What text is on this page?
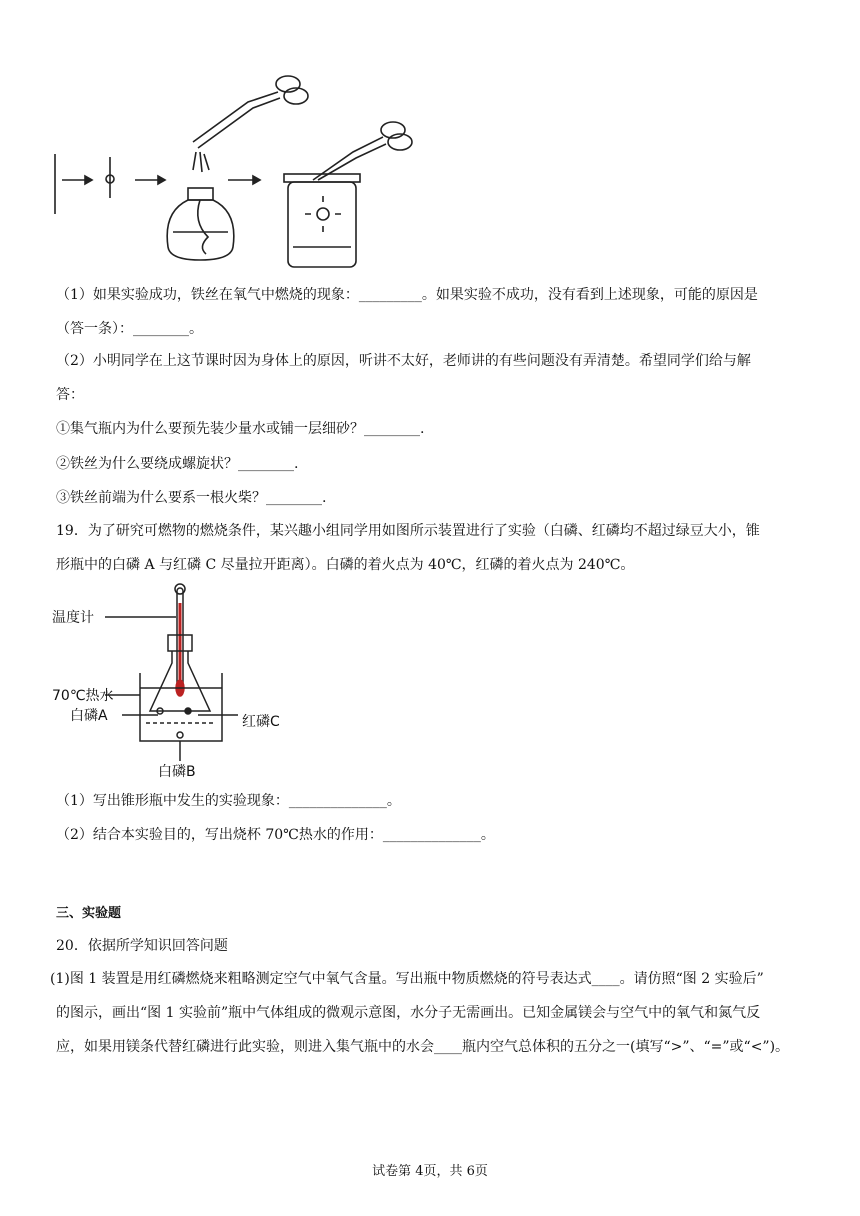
（1）如果实验成功，铁丝在氧气中燃烧的现象：_________。如果实验不成功，没有看到上述现象，可能的原因是
（答一条）：________。
（2）小明同学在上这节课时因为身体上的原因，听讲不太好，老师讲的有些问题没有弄清楚。希望同学们给与解
答：
①集气瓶内为什么要预先装少量水或铺一层细砂？________.
②铁丝为什么要绕成螺旋状？________.
③铁丝前端为什么要系一根火柴？________.
19．为了研究可燃物的燃烧条件，某兴趣小组同学用如图所示装置进行了实验（白磷、红磷均不超过绿豆大小，锥
形瓶中的白磷 A 与红磷 C 尽量拉开距离）。白磷的着火点为 40℃，红磷的着火点为 240℃。
温度计
70℃热水
白磷A	红磷C
白磷B
（1）写出锥形瓶中发生的实验现象：______________。
（2）结合本实验目的，写出烧杯 70℃热水的作用：______________。
三、实验题
20．依据所学知识回答问题
(1)图 1 装置是用红磷燃烧来粗略测定空气中氧气含量。写出瓶中物质燃烧的符号表达式____。请仿照“图 2 实验后”
的图示，画出“图 1 实验前”瓶中气体组成的微观示意图，水分子无需画出。已知金属镁会与空气中的氧气和氮气反
应，如果用镁条代替红磷进行此实验，则进入集气瓶中的水会____瓶内空气总体积的五分之一(填写“>”、“=”或“<”)。
试卷第 4页，共 6页
